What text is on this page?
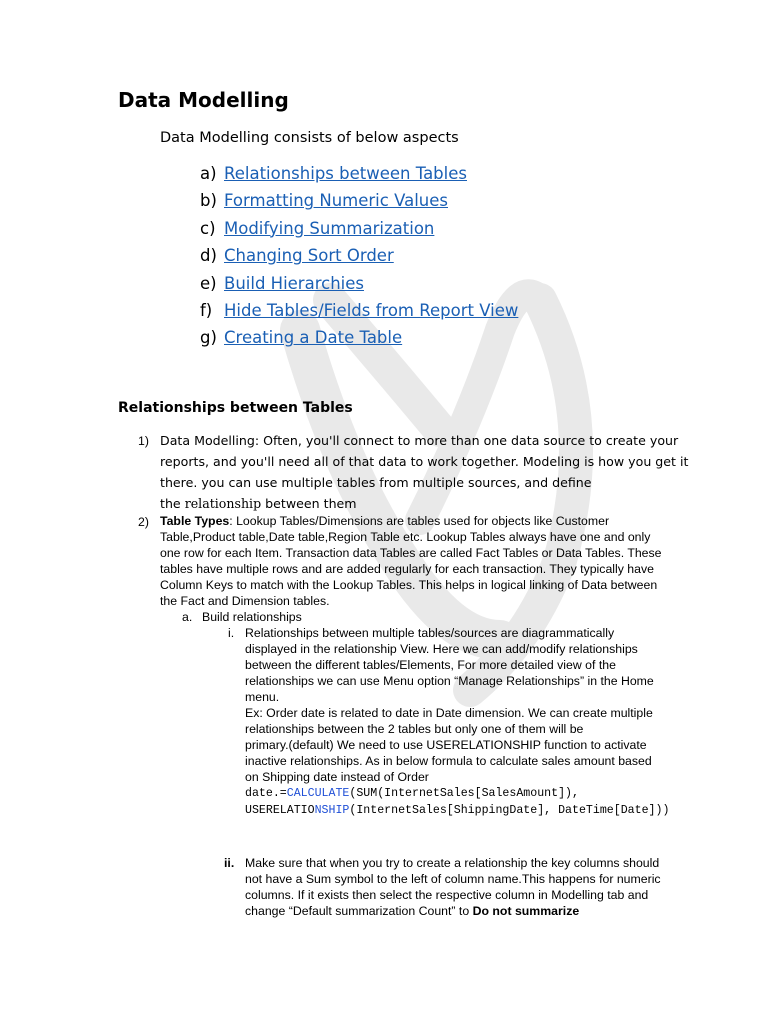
Data Modelling
Data Modelling consists of below aspects
a) Relationships between Tables
b) Formatting Numeric Values
c) Modifying Summarization
d) Changing Sort Order
e) Build Hierarchies
f) Hide Tables/Fields from Report View
g) Creating a Date Table
Relationships between Tables
1) Data Modelling: Often, you'll connect to more than one data source to create your
reports, and you'll need all of that data to work together. Modeling is how you get it
there. you can use multiple tables from multiple sources, and define
the relationship between them
2) Table Types: Lookup Tables/Dimensions are tables used for objects like Customer
Table,Product table,Date table,Region Table etc. Lookup Tables always have one and only
one row for each Item. Transaction data Tables are called Fact Tables or Data Tables. These
tables have multiple rows and are added regularly for each transaction. They typically have
Column Keys to match with the Lookup Tables. This helps in logical linking of Data between
the Fact and Dimension tables.
a. Build relationships
i. Relationships between multiple tables/sources are diagrammatically
displayed in the relationship View. Here we can add/modify relationships
between the different tables/Elements, For more detailed view of the
relationships we can use Menu option “Manage Relationships” in the Home
menu.
Ex: Order date is related to date in Date dimension. We can create multiple
relationships between the 2 tables but only one of them will be
primary.(default) We need to use USERELATIONSHIP function to activate
inactive relationships. As in below formula to calculate sales amount based
on Shipping date instead of Order
date.=CALCULATE(SUM(InternetSales[SalesAmount]),
USERELATIONSHIP(InternetSales[ShippingDate], DateTime[Date]))
ii. Make sure that when you try to create a relationship the key columns should
not have a Sum symbol to the left of column name.This happens for numeric
columns. If it exists then select the respective column in Modelling tab and
change “Default summarization Count” to Do not summarize
